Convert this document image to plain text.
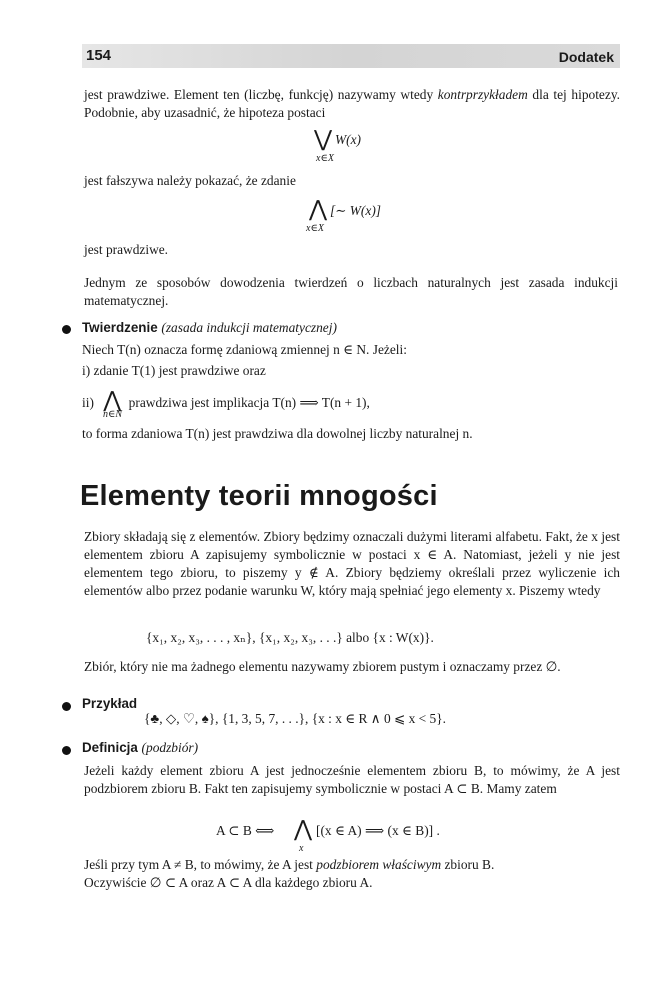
154	Dodatek

jest prawdziwe. Element ten (liczbę, funkcję) nazywamy wtedy kontrprzykładem dla tej hipotezy. Podobnie, aby uzasadnić, że hipoteza postaci

⋁ W(x)
x∈X

jest fałszywa należy pokazać, że zdanie

⋀ [∼ W(x)]
x∈X

jest prawdziwe.

Jednym ze sposobów dowodzenia twierdzeń o liczbach naturalnych jest zasada indukcji matematycznej.

Twierdzenie (zasada indukcji matematycznej)
Niech T(n) oznacza formę zdaniową zmiennej n ∈ N. Jeżeli:
i) zdanie T(1) jest prawdziwe oraz
ii) ⋀ prawdziwa jest implikacja T(n) ⟹ T(n + 1),
n∈N
to forma zdaniowa T(n) jest prawdziwa dla dowolnej liczby naturalnej n.
Elementy teorii mnogości

Zbiory składają się z elementów. Zbiory będzimy oznaczali dużymi literami alfabetu. Fakt, że x jest elementem zbioru A zapisujemy symbolicznie w postaci x ∈ A. Natomiast, jeżeli y nie jest elementem tego zbioru, to piszemy y ∉ A. Zbiory będziemy określali przez wyliczenie ich elementów albo przez podanie warunku W, który mają spełniać jego elementy x. Piszemy wtedy

{x₁, x₂, x₃, . . . , xₙ}, {x₁, x₂, x₃, . . .} albo {x : W(x)}.

Zbiór, który nie ma żadnego elementu nazywamy zbiorem pustym i oznaczamy przez ∅.

Przykład
{♣, ◇, ♡, ♠}, {1, 3, 5, 7, . . .}, {x : x ∈ R ∧ 0 ⩽ x < 5}.
Definicja (podzbiór)

Jeżeli każdy element zbioru A jest jednocześnie elementem zbioru B, to mówimy, że A jest podzbiorem zbioru B. Fakt ten zapisujemy symbolicznie w postaci A ⊂ B. Mamy zatem

A ⊂ B ⟺ ⋀ [(x ∈ A) ⟹ (x ∈ B)] .
x

Jeśli przy tym A ≠ B, to mówimy, że A jest podzbiorem właściwym zbioru B.

Oczywiście ∅ ⊂ A oraz A ⊂ A dla każdego zbioru A.
